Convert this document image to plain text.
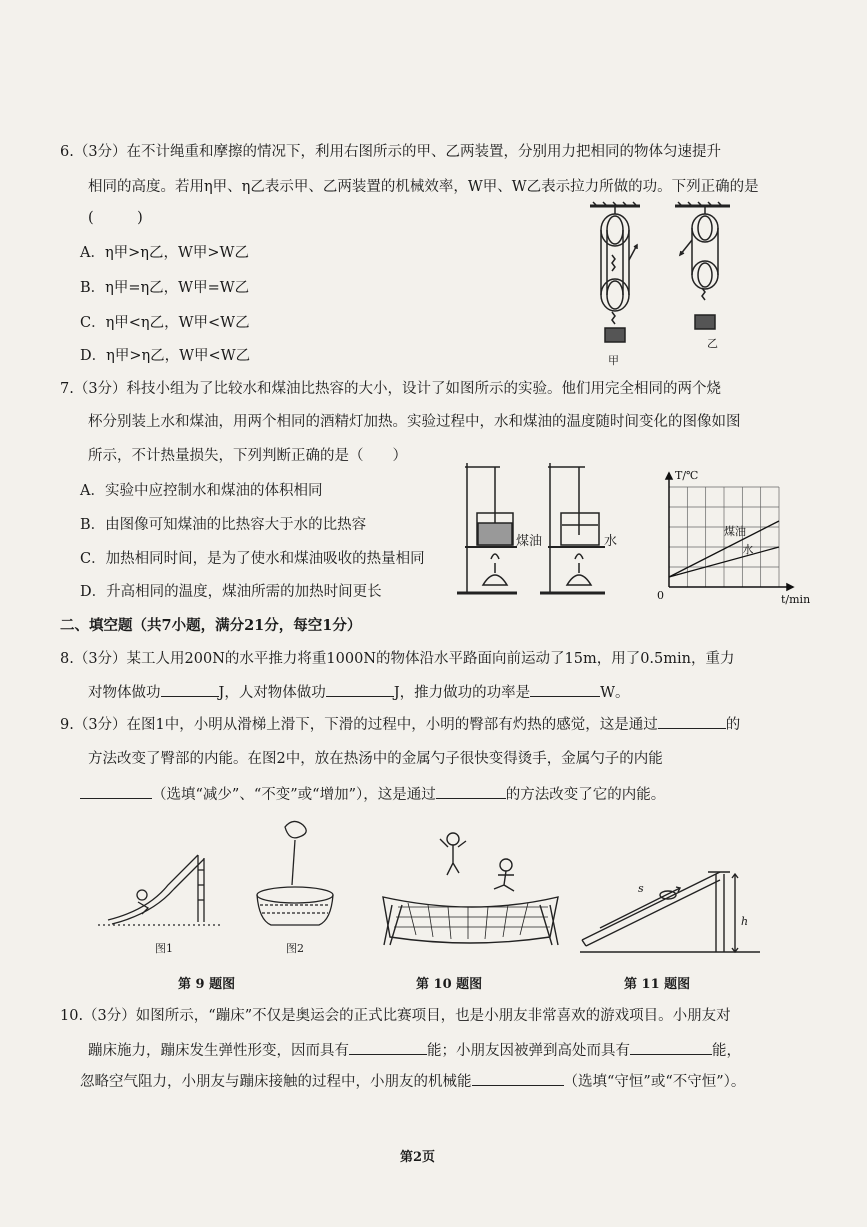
6.（3分）在不计绳重和摩擦的情况下，利用右图所示的甲、乙两装置，分别用力把相同的物体匀速提升
相同的高度。若用η甲、η乙表示甲、乙两装置的机械效率，W甲、W乙表示拉力所做的功。下列正确的是
(　　　)
A．η甲>η乙，W甲>W乙
B．η甲=η乙，W甲=W乙
C．η甲<η乙，W甲<W乙
D．η甲>η乙，W甲<W乙	甲
乙
7.（3分）科技小组为了比较水和煤油比热容的大小，设计了如图所示的实验。他们用完全相同的两个烧
杯分别装上水和煤油，用两个相同的酒精灯加热。实验过程中，水和煤油的温度随时间变化的图像如图
所示，不计热量损失，下列判断正确的是（　　）
A．实验中应控制水和煤油的体积相同
B．由图像可知煤油的比热容大于水的比热容
C．加热相同时间，是为了使水和煤油吸收的热量相同
D．升高相同的温度，煤油所需的加热时间更长
煤油	水
煤油
水
T/℃
t/min
0
二、填空题（共7小题，满分21分，每空1分）
8.（3分）某工人用200N的水平推力将重1000N的物体沿水平路面向前运动了15m，用了0.5min，重力
对物体做功	J，人对物体做功	J，推力做功的功率是	W。
9.（3分）在图1中，小明从滑梯上滑下，下滑的过程中，小明的臀部有灼热的感觉，这是通过	的
方法改变了臀部的内能。在图2中，放在热汤中的金属勺子很快变得烫手，金属勺子的内能
（选填“减少”、“不变”或“增加”），这是通过	的方法改变了它的内能。
图1	图2
第 9 题图	第 10 题图
s
h
第 11 题图
10.（3分）如图所示，“蹦床”不仅是奥运会的正式比赛项目，也是小朋友非常喜欢的游戏项目。小朋友对
蹦床施力，蹦床发生弹性形变，因而具有	能；小朋友因被弹到高处而具有	能，
忽略空气阻力，小朋友与蹦床接触的过程中，小朋友的机械能	（选填“守恒”或“不守恒”）。
第2页
